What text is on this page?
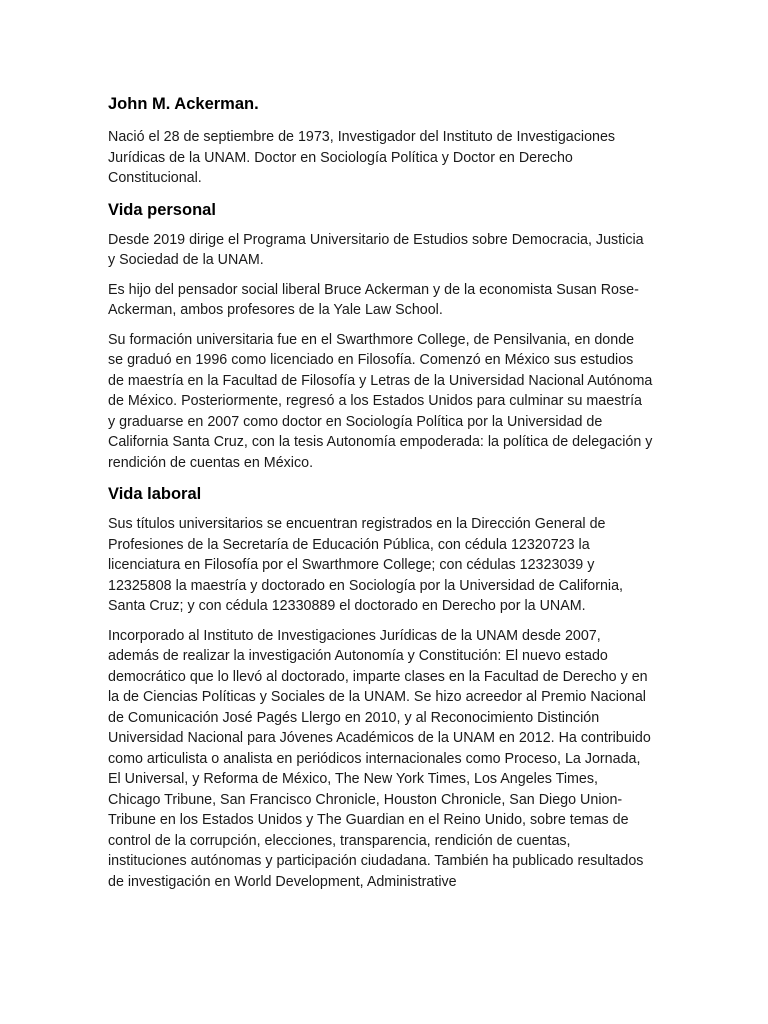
John M. Ackerman.

Nació el 28 de septiembre de 1973, Investigador del Instituto de Investigaciones Jurídicas de la UNAM. Doctor en Sociología Política y Doctor en Derecho Constitucional.

Vida personal

Desde 2019 dirige el Programa Universitario de Estudios sobre Democracia, Justicia y Sociedad de la UNAM.

Es hijo del pensador social liberal Bruce Ackerman y de la economista Susan Rose-Ackerman, ambos profesores de la Yale Law School.

Su formación universitaria fue en el Swarthmore College, de Pensilvania, en donde se graduó en 1996 como licenciado en Filosofía. Comenzó en México sus estudios de maestría en la Facultad de Filosofía y Letras de la Universidad Nacional Autónoma de México. Posteriormente, regresó a los Estados Unidos para culminar su maestría y graduarse en 2007 como doctor en Sociología Política por la Universidad de California Santa Cruz, con la tesis Autonomía empoderada: la política de delegación y rendición de cuentas en México.

Vida laboral

Sus títulos universitarios se encuentran registrados en la Dirección General de Profesiones de la Secretaría de Educación Pública, con cédula 12320723 la licenciatura en Filosofía por el Swarthmore College; con cédulas 12323039 y 12325808 la maestría y doctorado en Sociología por la Universidad de California, Santa Cruz; y con cédula 12330889 el doctorado en Derecho por la UNAM.

Incorporado al Instituto de Investigaciones Jurídicas de la UNAM desde 2007, además de realizar la investigación Autonomía y Constitución: El nuevo estado democrático que lo llevó al doctorado, imparte clases en la Facultad de Derecho y en la de Ciencias Políticas y Sociales de la UNAM. Se hizo acreedor al Premio Nacional de Comunicación José Pagés Llergo en 2010, y al Reconocimiento Distinción Universidad Nacional para Jóvenes Académicos de la UNAM en 2012. Ha contribuido como articulista o analista en periódicos internacionales como Proceso, La Jornada, El Universal, y Reforma de México, The New York Times, Los Angeles Times, Chicago Tribune, San Francisco Chronicle, Houston Chronicle, San Diego Union-Tribune en los Estados Unidos y The Guardian en el Reino Unido, sobre temas de control de la corrupción, elecciones, transparencia, rendición de cuentas, instituciones autónomas y participación ciudadana. También ha publicado resultados de investigación en World Development, Administrative
